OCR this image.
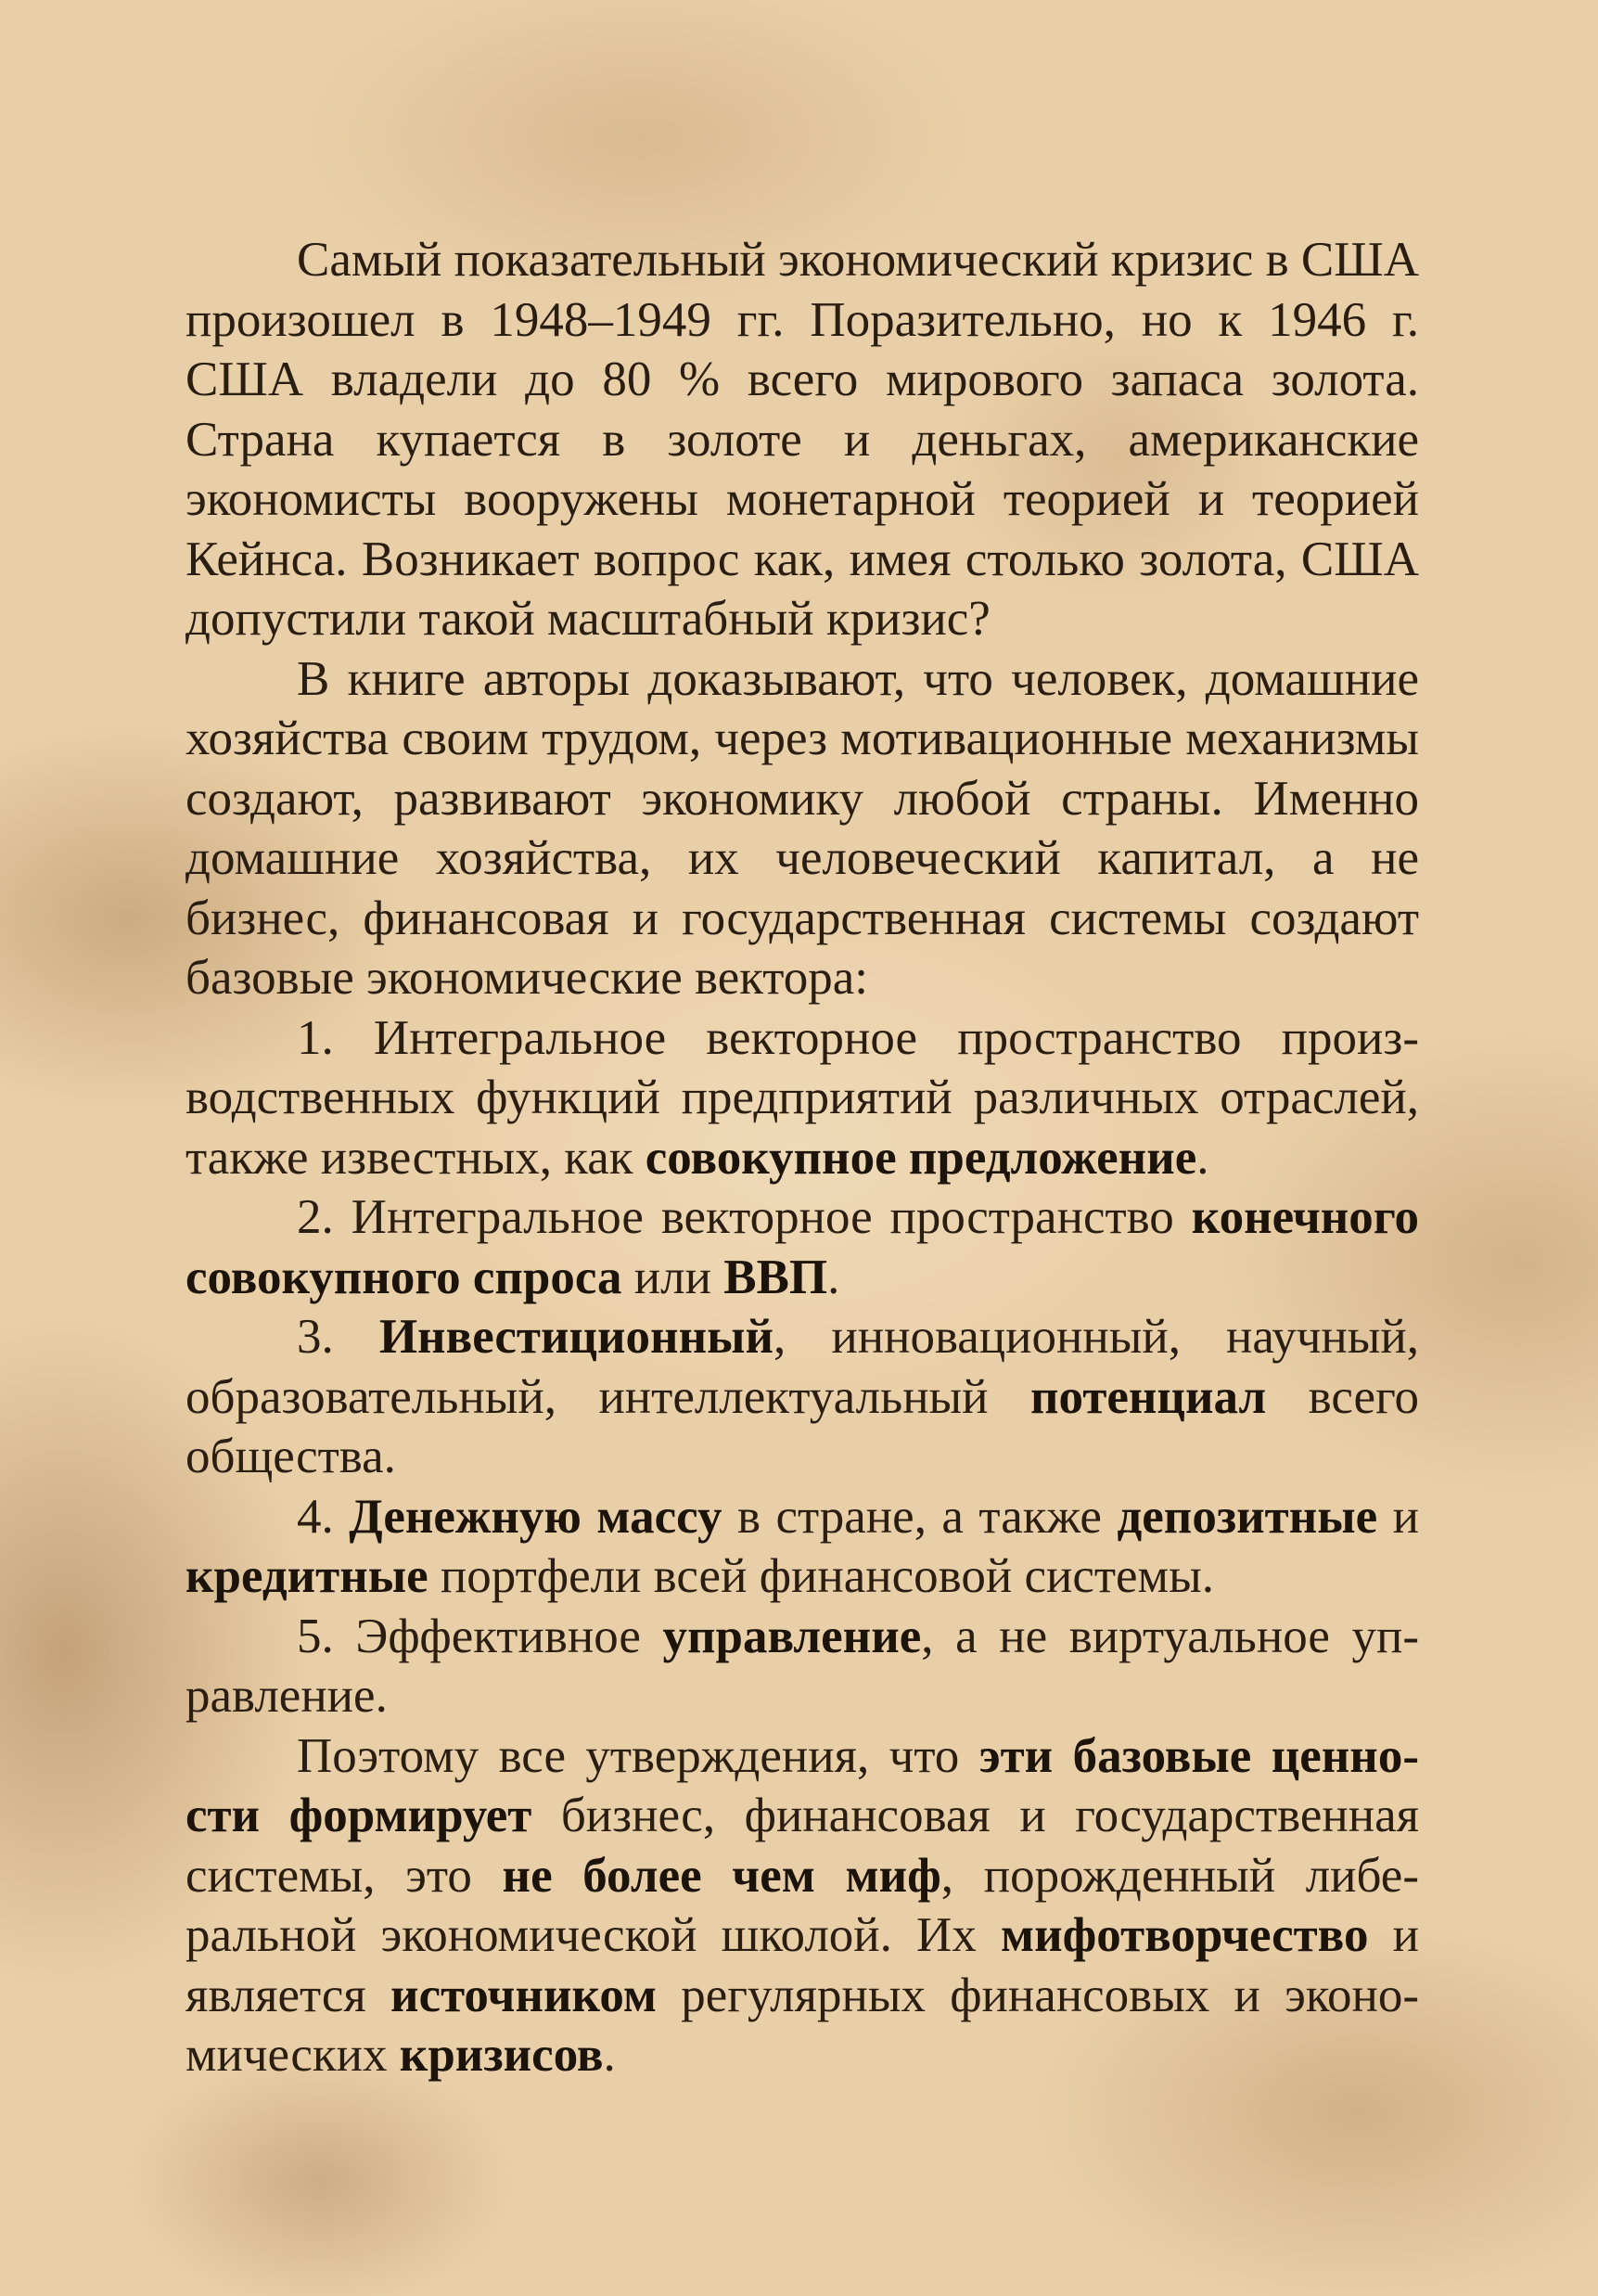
Самый показательный экономический кризис в США произошел в 1948–1949 гг. Поразительно, но к 1946 г. США владели до 80 % всего мирового запаса золота. Страна купается в золоте и деньгах, американские экономисты вооружены монетарной теорией и теорией Кейнса. Возникает вопрос как, имея столько золота, США допустили такой масштабный кризис?

В книге авторы доказывают, что человек, домашние хозяйства своим трудом, через мотивационные механизмы создают, развивают экономику любой страны. Именно домашние хозяйства, их человеческий капитал, а не бизнес, финансовая и государственная системы создают базовые экономические вектора:

1. Интегральное векторное пространство производственных функций предприятий различных отраслей, также известных, как совокупное предложение.

2. Интегральное векторное пространство конечного совокупного спроса или ВВП.

3. Инвестиционный, инновационный, научный, образовательный, интеллектуальный потенциал всего общества.

4. Денежную массу в стране, а также депозитные и кредитные портфели всей финансовой системы.

5. Эффективное управление, а не виртуальное управление.

Поэтому все утверждения, что эти базовые ценности формирует бизнес, финансовая и государственная системы, это не более чем миф, порожденный либеральной экономической школой. Их мифотворчество и является источником регулярных финансовых и экономических кризисов.
